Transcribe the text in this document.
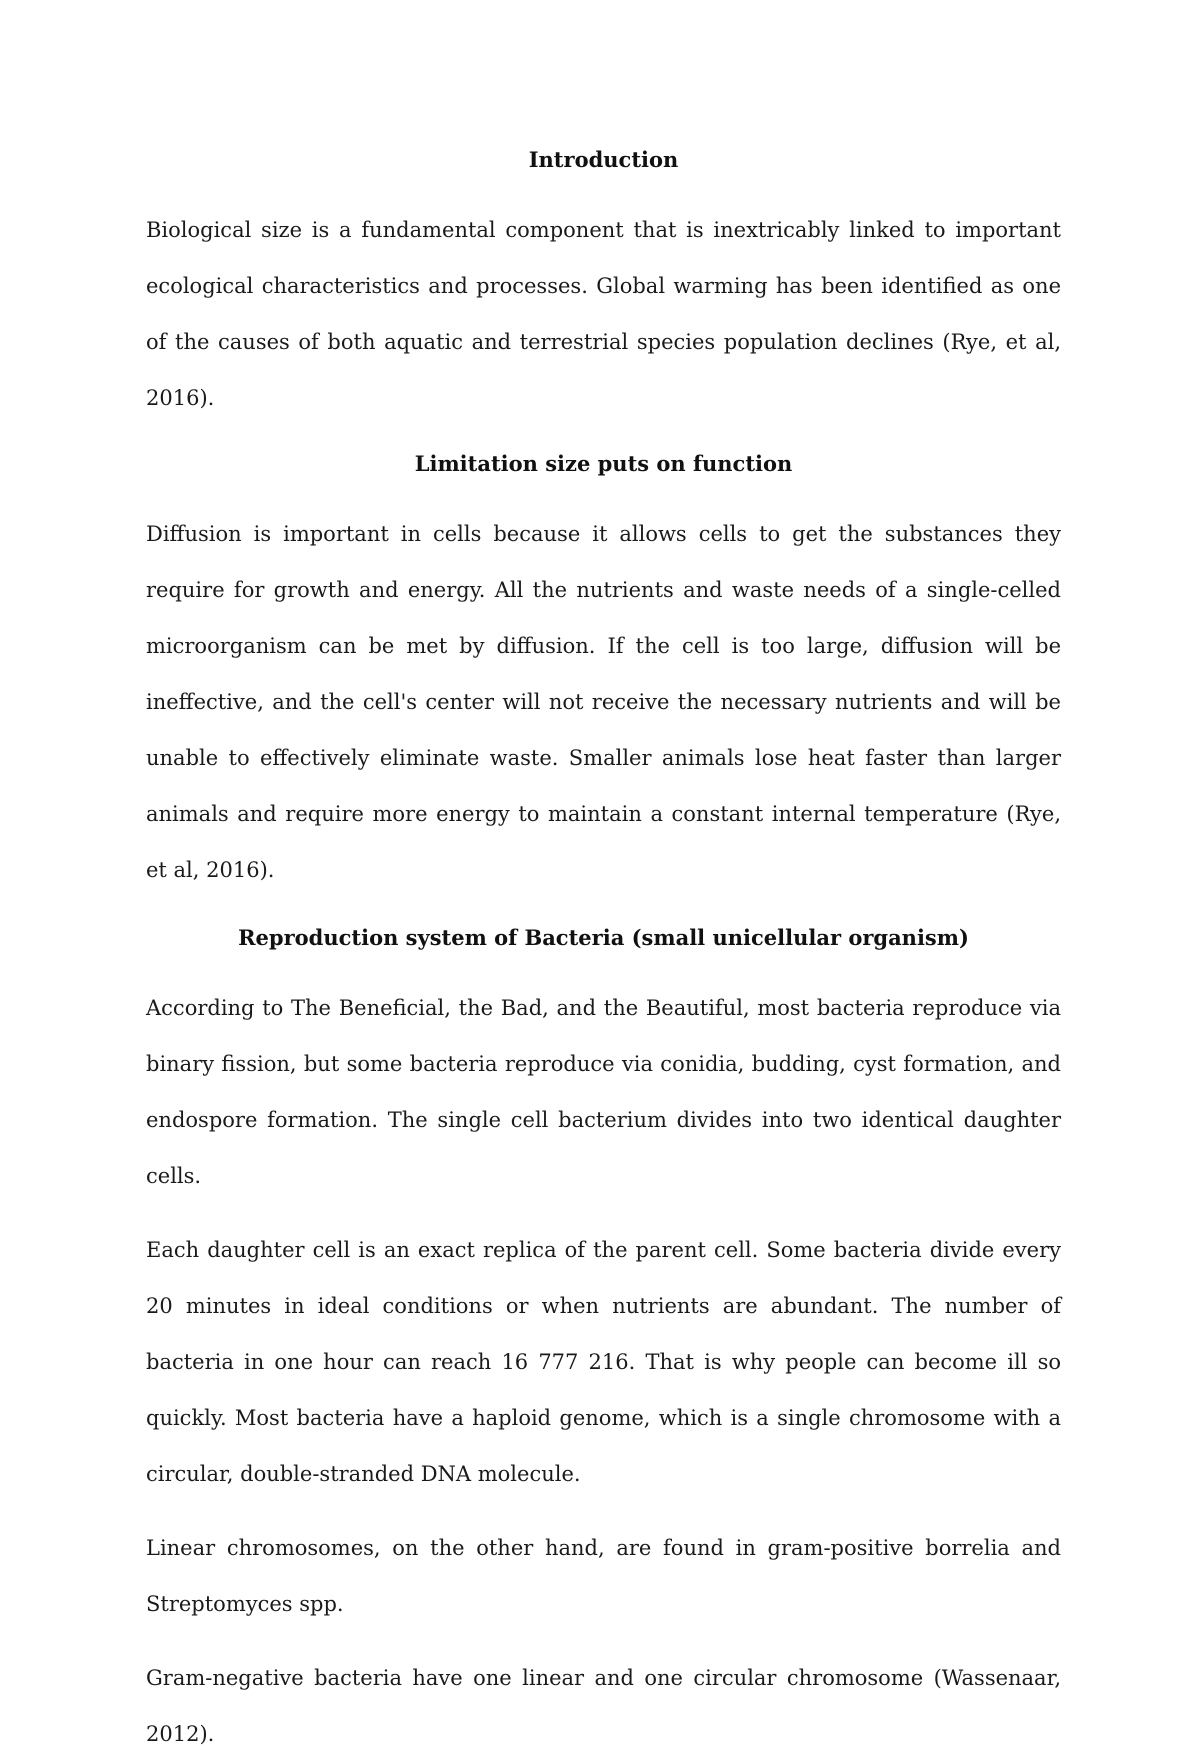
Introduction

Biological size is a fundamental component that is inextricably linked to important ecological characteristics and processes. Global warming has been identified as one of the causes of both aquatic and terrestrial species population declines (Rye, et al, 2016).

Limitation size puts on function

Diffusion is important in cells because it allows cells to get the substances they require for growth and energy. All the nutrients and waste needs of a single-celled microorganism can be met by diffusion. If the cell is too large, diffusion will be ineffective, and the cell's center will not receive the necessary nutrients and will be unable to effectively eliminate waste. Smaller animals lose heat faster than larger animals and require more energy to maintain a constant internal temperature (Rye, et al, 2016).

Reproduction system of Bacteria (small unicellular organism)

According to The Beneficial, the Bad, and the Beautiful, most bacteria reproduce via binary fission, but some bacteria reproduce via conidia, budding, cyst formation, and endospore formation. The single cell bacterium divides into two identical daughter cells.

Each daughter cell is an exact replica of the parent cell. Some bacteria divide every 20 minutes in ideal conditions or when nutrients are abundant. The number of bacteria in one hour can reach 16 777 216. That is why people can become ill so quickly. Most bacteria have a haploid genome, which is a single chromosome with a circular, double-stranded DNA molecule.

Linear chromosomes, on the other hand, are found in gram-positive borrelia and Streptomyces spp.

Gram-negative bacteria have one linear and one circular chromosome (Wassenaar, 2012).
